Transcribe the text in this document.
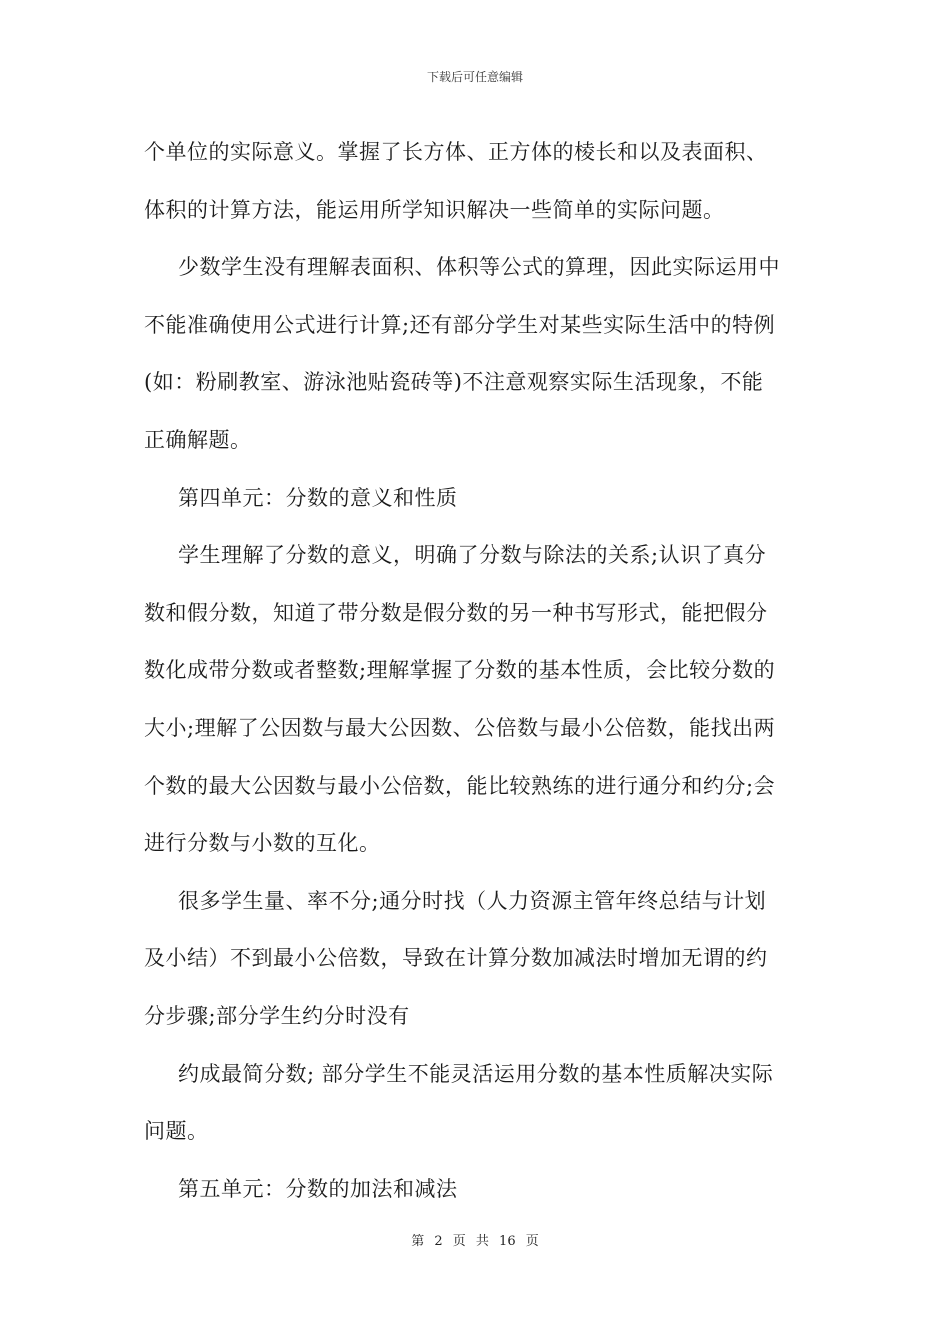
下载后可任意编辑
个单位的实际意义。掌握了长方体、正方体的棱长和以及表面积、
体积的计算方法，能运用所学知识解决一些简单的实际问题。
少数学生没有理解表面积、体积等公式的算理，因此实际运用中
不能准确使用公式进行计算;还有部分学生对某些实际生活中的特例
(如：粉刷教室、游泳池贴瓷砖等)不注意观察实际生活现象，不能
正确解题。
第四单元：分数的意义和性质
学生理解了分数的意义，明确了分数与除法的关系;认识了真分
数和假分数，知道了带分数是假分数的另一种书写形式，能把假分
数化成带分数或者整数;理解掌握了分数的基本性质，会比较分数的
大小;理解了公因数与最大公因数、公倍数与最小公倍数，能找出两
个数的最大公因数与最小公倍数，能比较熟练的进行通分和约分;会
进行分数与小数的互化。
很多学生量、率不分;通分时找（人力资源主管年终总结与计划
及小结）不到最小公倍数，导致在计算分数加减法时增加无谓的约
分步骤;部分学生约分时没有
约成最简分数; 部分学生不能灵活运用分数的基本性质解决实际
问题。
第五单元：分数的加法和减法
第 2 页 共 16 页
